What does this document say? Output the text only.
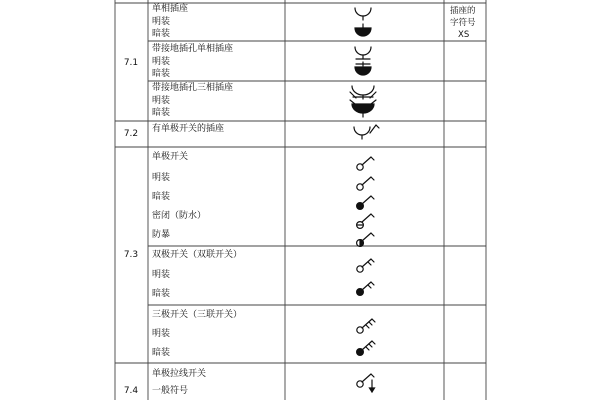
7.1
7.2
7.3
7.4
单相插座
明装
暗装
插座的
字符号
XS
带接地插孔单相插座
明装
暗装
带接地插孔三相插座
明装
暗装
有单极开关的插座
单极开关
明装
暗装
密闭（防水）
防暴
双极开关（双联开关）
明装
暗装
三极开关（三联开关）
明装
暗装
单极拉线开关
一般符号
